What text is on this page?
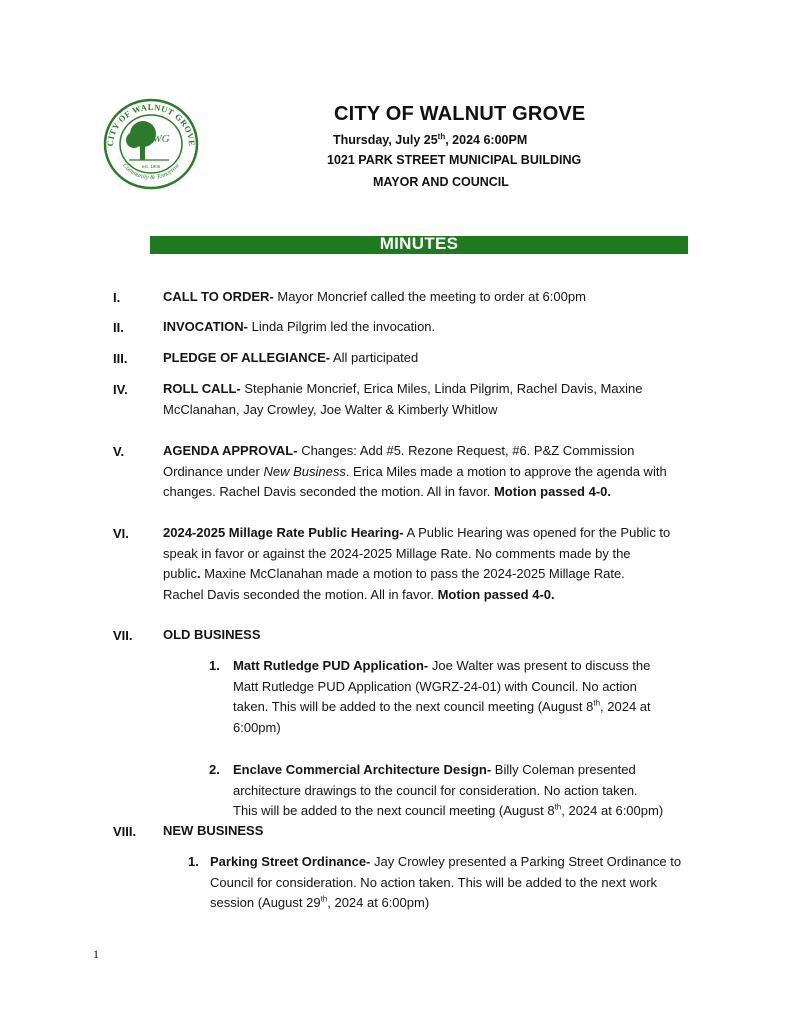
CITY OF WALNUT GROVE
Community & Tomorrow
WG
est. 1905
CITY OF WALNUT GROVE
Thursday, July 25th, 2024 6:00PM
1021 PARK STREET MUNICIPAL BUILDING
MAYOR AND COUNCIL
MINUTES
I.	CALL TO ORDER- Mayor Moncrief called the meeting to order at 6:00pm
II.	INVOCATION- Linda Pilgrim led the invocation.
III.	PLEDGE OF ALLEGIANCE- All participated
IV.	ROLL CALL- Stephanie Moncrief, Erica Miles, Linda Pilgrim, Rachel Davis, Maxine
McClanahan, Jay Crowley, Joe Walter & Kimberly Whitlow
V.	AGENDA APPROVAL- Changes: Add #5. Rezone Request, #6. P&Z Commission
Ordinance under New Business. Erica Miles made a motion to approve the agenda with
changes. Rachel Davis seconded the motion. All in favor. Motion passed 4-0.
VI.	2024-2025 Millage Rate Public Hearing- A Public Hearing was opened for the Public to
speak in favor or against the 2024-2025 Millage Rate. No comments made by the
public. Maxine McClanahan made a motion to pass the 2024-2025 Millage Rate.
Rachel Davis seconded the motion. All in favor. Motion passed 4-0.
VII. OLD BUSINESS
1. Matt Rutledge PUD Application- Joe Walter was present to discuss the
Matt Rutledge PUD Application (WGRZ-24-01) with Council. No action
taken. This will be added to the next council meeting (August 8th, 2024 at
6:00pm)
2. Enclave Commercial Architecture Design- Billy Coleman presented
architecture drawings to the council for consideration. No action taken.
This will be added to the next council meeting (August 8th, 2024 at 6:00pm)
VIII. NEW BUSINESS
1. Parking Street Ordinance- Jay Crowley presented a Parking Street Ordinance to
Council for consideration. No action taken. This will be added to the next work
session (August 29th, 2024 at 6:00pm)
1
